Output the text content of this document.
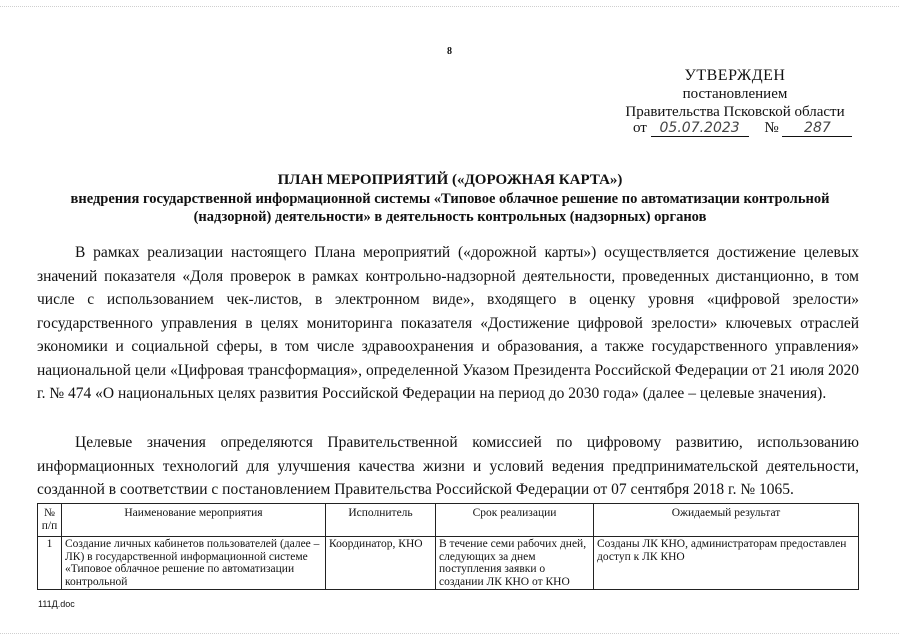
8
УТВЕРЖДЕН
постановлением
Правительства Псковской области
от 05.07.2023 № 287
ПЛАН МЕРОПРИЯТИЙ («ДОРОЖНАЯ КАРТА»)
внедрения государственной информационной системы «Типовое облачное решение по автоматизации контрольной (надзорной) деятельности» в деятельность контрольных (надзорных) органов

В рамках реализации настоящего Плана мероприятий («дорожной карты») осуществляется достижение целевых значений показателя «Доля проверок в рамках контрольно-надзорной деятельности, проведенных дистанционно, в том числе с использованием чек-листов, в электронном виде», входящего в оценку уровня «цифровой зрелости» государственного управления в целях мониторинга показателя «Достижение цифровой зрелости» ключевых отраслей экономики и социальной сферы, в том числе здравоохранения и образования, а также государственного управления» национальной цели «Цифровая трансформация», определенной Указом Президента Российской Федерации от 21 июля 2020 г. № 474 «О национальных целях развития Российской Федерации на период до 2030 года» (далее – целевые значения).

Целевые значения определяются Правительственной комиссией по цифровому развитию, использованию информационных технологий для улучшения качества жизни и условий ведения предпринимательской деятельности, созданной в соответствии с постановлением Правительства Российской Федерации от 07 сентября 2018 г. № 1065.

№ п/п	Наименование мероприятия	Исполнитель	Срок реализации	Ожидаемый результат
1	Создание личных кабинетов пользователей (далее – ЛК) в государственной информационной системе «Типовое облачное решение по автоматизации контрольной	Координатор, КНО	В течение семи рабочих дней, следующих за днем поступления заявки о создании ЛК КНО от КНО	Созданы ЛК КНО, администраторам предоставлен доступ к ЛК КНО
111Д.doc
